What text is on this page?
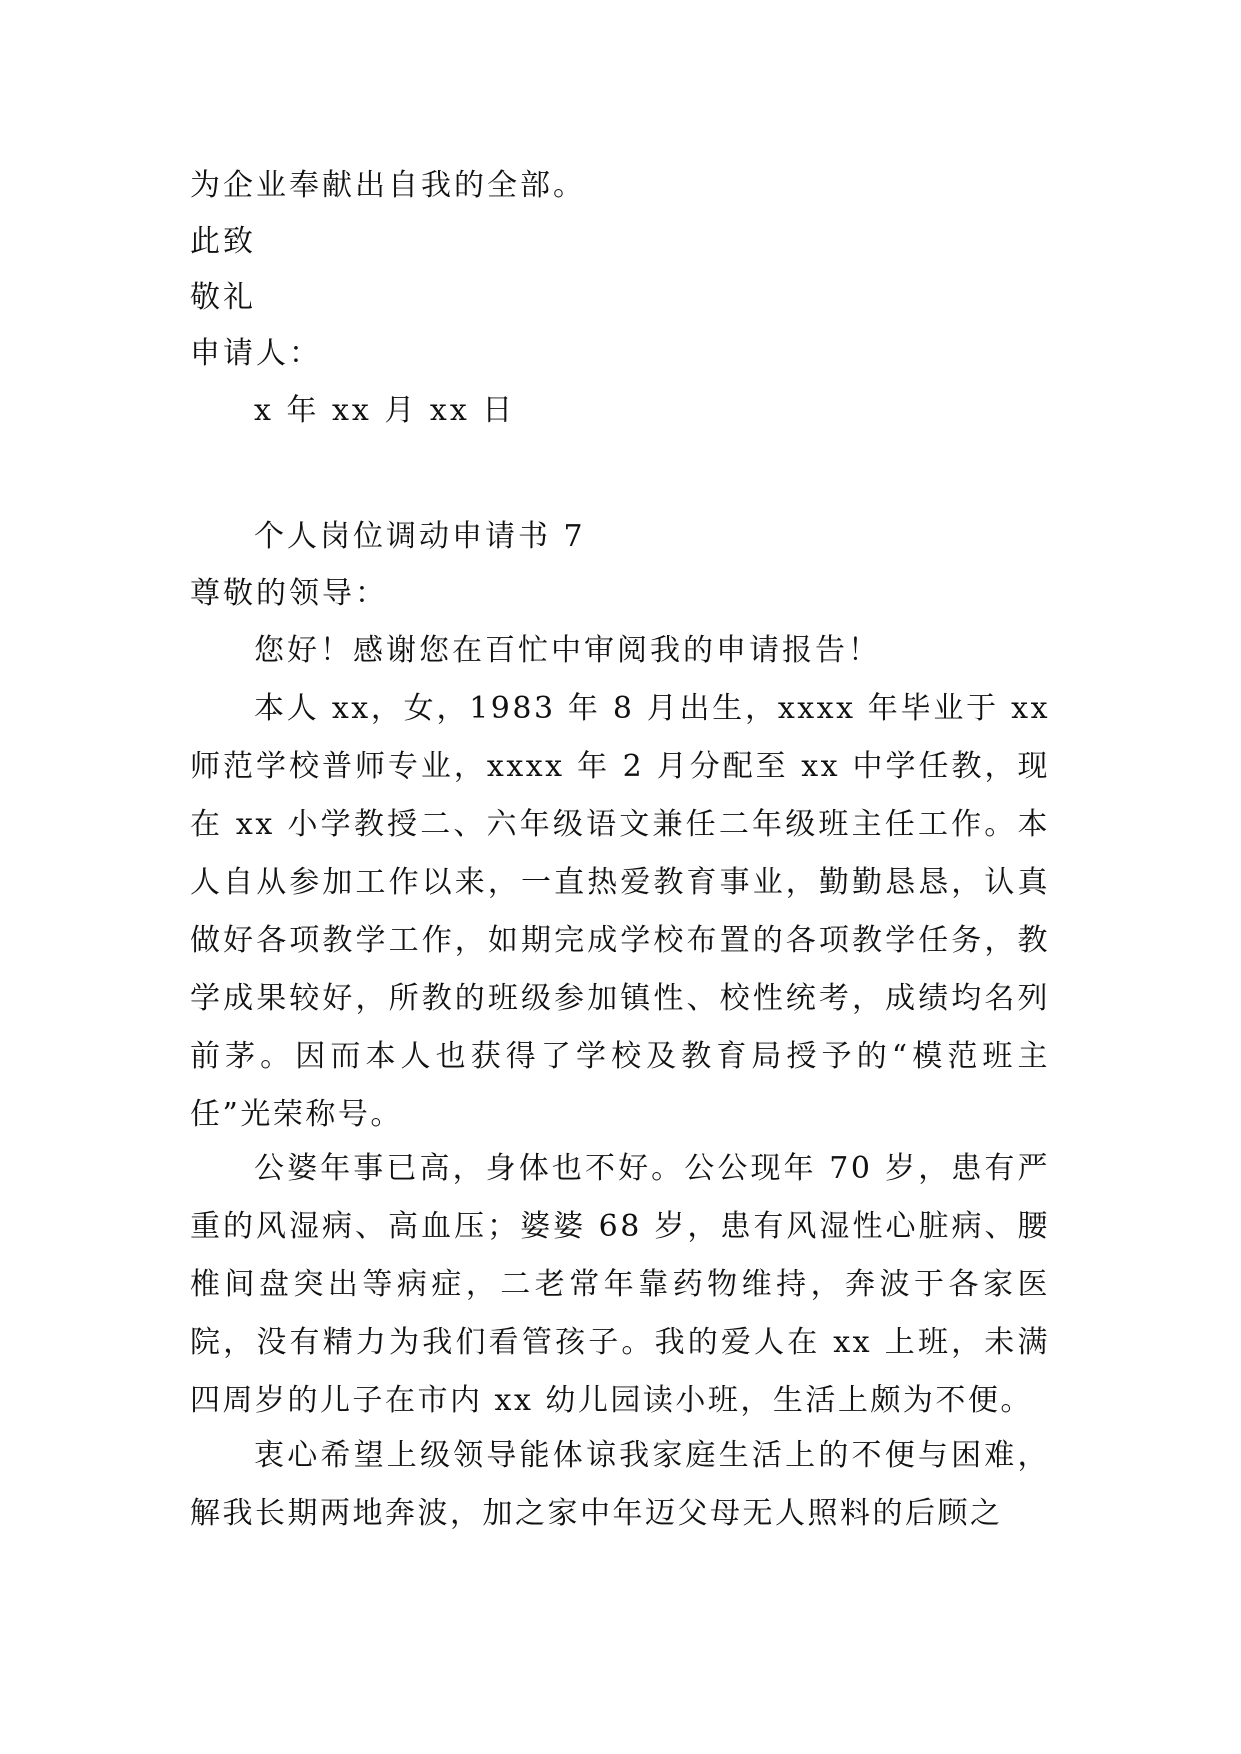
为企业奉献出自我的全部。
此致
敬礼
申请人：
x 年 xx 月 xx 日
个人岗位调动申请书 7
尊敬的领导：
您好！感谢您在百忙中审阅我的申请报告！

本人 xx，女，1983 年 8 月出生，xxxx 年毕业于 xx 师范学校普师专业，xxxx 年 2 月分配至 xx 中学任教，现在 xx 小学教授二、六年级语文兼任二年级班主任工作。本人自从参加工作以来，一直热爱教育事业，勤勤恳恳，认真做好各项教学工作，如期完成学校布置的各项教学任务，教学成果较好，所教的班级参加镇性、校性统考，成绩均名列前茅。因而本人也获得了学校及教育局授予的“模范班主任”光荣称号。

公婆年事已高，身体也不好。公公现年 70 岁，患有严重的风湿病、高血压；婆婆 68 岁，患有风湿性心脏病、腰椎间盘突出等病症，二老常年靠药物维持，奔波于各家医院，没有精力为我们看管孩子。我的爱人在 xx 上班，未满四周岁的儿子在市内 xx 幼儿园读小班，生活上颇为不便。

衷心希望上级领导能体谅我家庭生活上的不便与困难，解我长期两地奔波，加之家中年迈父母无人照料的后顾之
